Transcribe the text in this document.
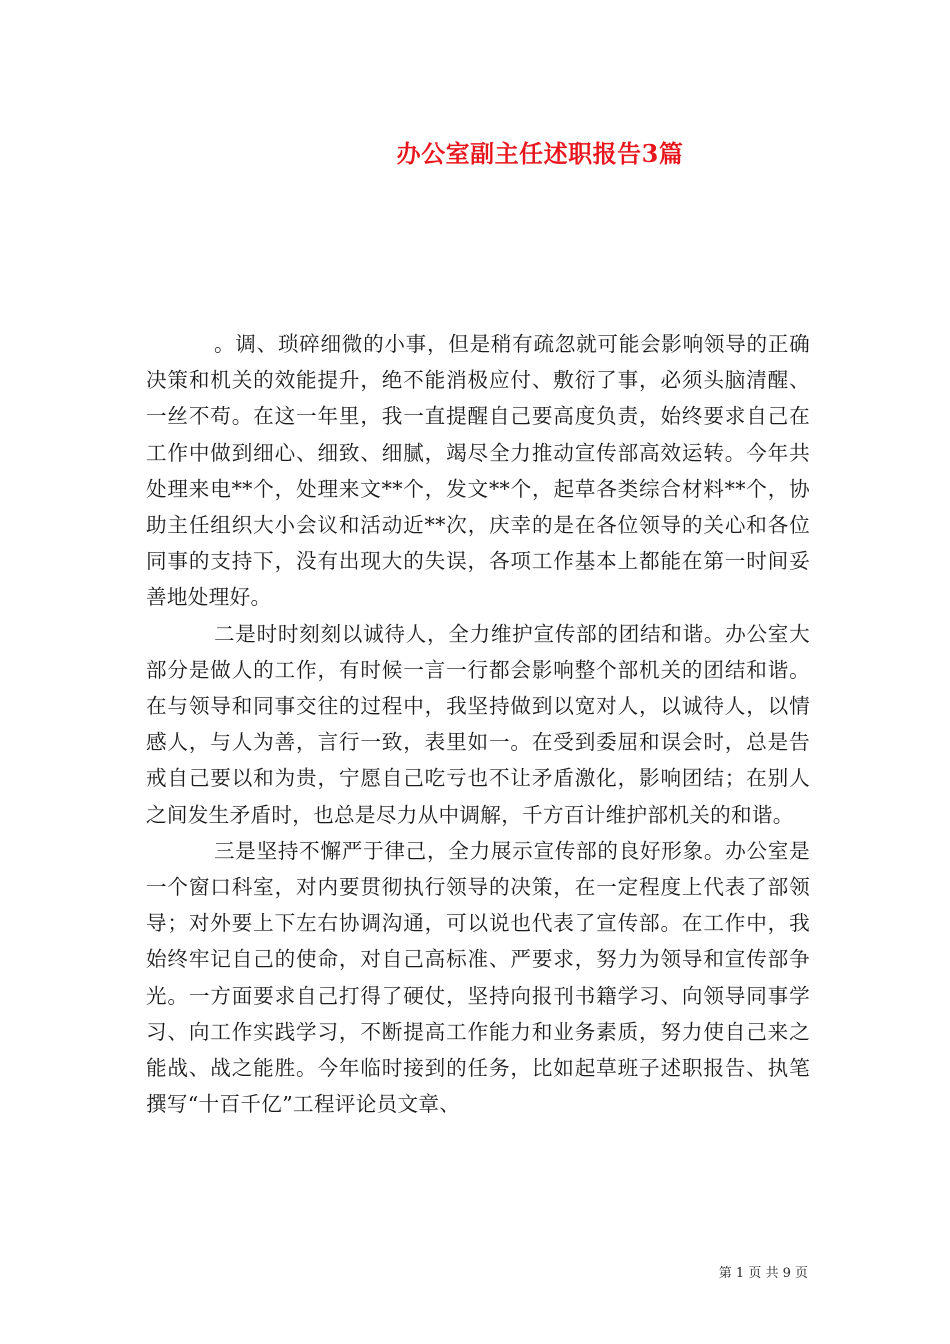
办公室副主任述职报告3篇

。调、琐碎细微的小事，但是稍有疏忽就可能会影响领导的正确决策和机关的效能提升，绝不能消极应付、敷衍了事，必须头脑清醒、一丝不苟。在这一年里，我一直提醒自己要高度负责，始终要求自己在工作中做到细心、细致、细腻，竭尽全力推动宣传部高效运转。今年共处理来电**个，处理来文**个，发文**个，起草各类综合材料**个，协助主任组织大小会议和活动近**次，庆幸的是在各位领导的关心和各位同事的支持下，没有出现大的失误，各项工作基本上都能在第一时间妥善地处理好。

二是时时刻刻以诚待人，全力维护宣传部的团结和谐。办公室大部分是做人的工作，有时候一言一行都会影响整个部机关的团结和谐。在与领导和同事交往的过程中，我坚持做到以宽对人，以诚待人，以情感人，与人为善，言行一致，表里如一。在受到委屈和误会时，总是告戒自己要以和为贵，宁愿自己吃亏也不让矛盾激化，影响团结；在别人之间发生矛盾时，也总是尽力从中调解，千方百计维护部机关的和谐。

三是坚持不懈严于律己，全力展示宣传部的良好形象。办公室是一个窗口科室，对内要贯彻执行领导的决策，在一定程度上代表了部领导；对外要上下左右协调沟通，可以说也代表了宣传部。在工作中，我始终牢记自己的使命，对自己高标准、严要求，努力为领导和宣传部争光。一方面要求自己打得了硬仗，坚持向报刊书籍学习、向领导同事学习、向工作实践学习，不断提高工作能力和业务素质，努力使自己来之能战、战之能胜。今年临时接到的任务，比如起草班子述职报告、执笔撰写“十百千亿”工程评论员文章、

第 1 页 共 9 页
